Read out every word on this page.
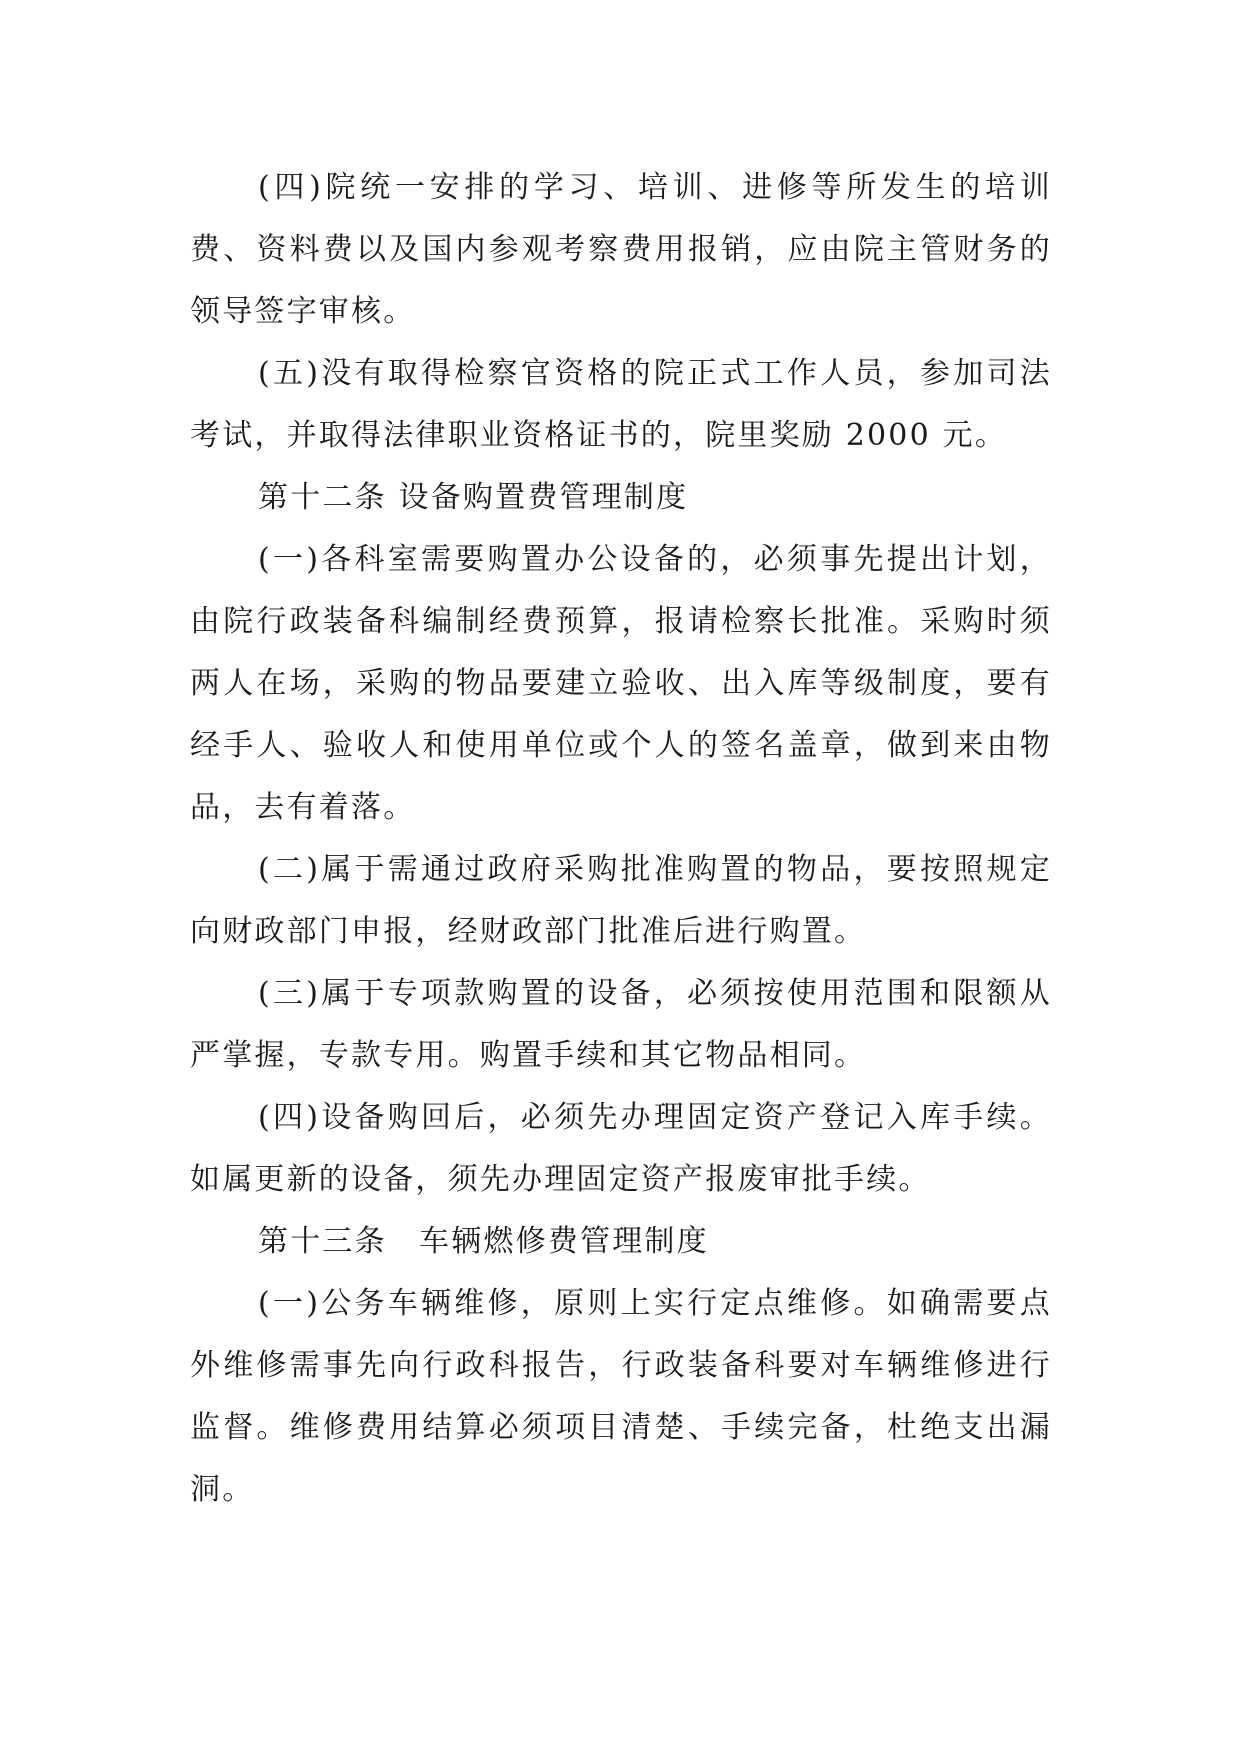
(四)院统一安排的学习、培训、进修等所发生的培训费、资料费以及国内参观考察费用报销，应由院主管财务的领导签字审核。

(五)没有取得检察官资格的院正式工作人员，参加司法考试，并取得法律职业资格证书的，院里奖励 2000 元。

第十二条 设备购置费管理制度

(一)各科室需要购置办公设备的，必须事先提出计划，由院行政装备科编制经费预算，报请检察长批准。采购时须两人在场，采购的物品要建立验收、出入库等级制度，要有经手人、验收人和使用单位或个人的签名盖章，做到来由物品，去有着落。

(二)属于需通过政府采购批准购置的物品，要按照规定向财政部门申报，经财政部门批准后进行购置。

(三)属于专项款购置的设备，必须按使用范围和限额从严掌握，专款专用。购置手续和其它物品相同。

(四)设备购回后，必须先办理固定资产登记入库手续。如属更新的设备，须先办理固定资产报废审批手续。

第十三条　车辆燃修费管理制度

(一)公务车辆维修，原则上实行定点维修。如确需要点外维修需事先向行政科报告，行政装备科要对车辆维修进行监督。维修费用结算必须项目清楚、手续完备，杜绝支出漏洞。
